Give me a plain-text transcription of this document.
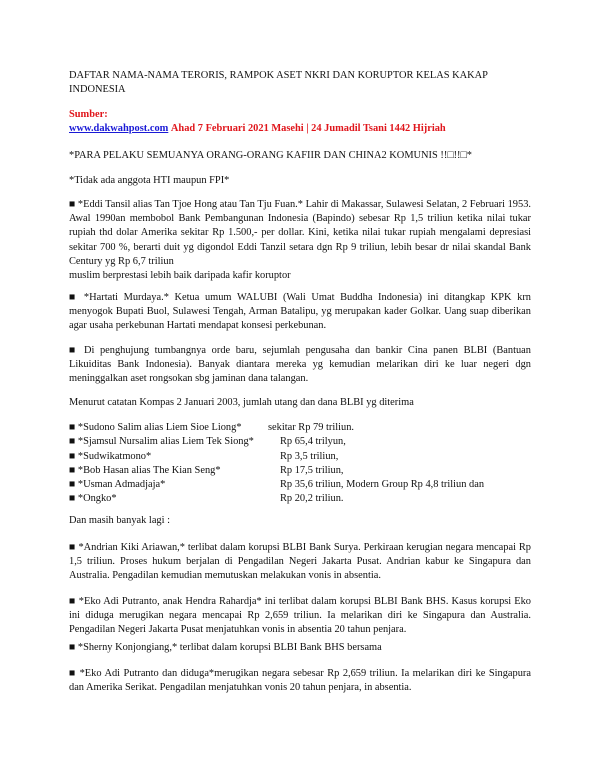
DAFTAR NAMA-NAMA TERORIS, RAMPOK ASET NKRI DAN KORUPTOR KELAS KAKAP INDONESIA

Sumber:

www.dakwahpost.com Ahad 7 Februari 2021 Masehi | 24 Jumadil Tsani 1442 Hijriah

*PARA PELAKU SEMUANYA ORANG-ORANG KAFIIR DAN CHINA2 KOMUNIS !!□!!□*

*Tidak ada anggota HTI maupun FPI*

■ *Eddi Tansil alias Tan Tjoe Hong atau Tan Tju Fuan.* Lahir di Makassar, Sulawesi Selatan, 2 Februari 1953. Awal 1990an membobol Bank Pembangunan Indonesia (Bapindo) sebesar Rp 1,5 triliun ketika nilai tukar rupiah thd dolar Amerika sekitar Rp 1.500,- per dollar. Kini, ketika nilai tukar rupiah mengalami depresiasi sekitar 700 %, berarti duit yg digondol Eddi Tanzil setara dgn Rp 9 triliun, lebih besar dr nilai skandal Bank Century yg Rp 6,7 triliun

muslim berprestasi lebih baik daripada kafir koruptor

■ *Hartati Murdaya.* Ketua umum WALUBI (Wali Umat Buddha Indonesia) ini ditangkap KPK krn menyogok Bupati Buol, Sulawesi Tengah, Arman Batalipu, yg merupakan kader Golkar. Uang suap diberikan agar usaha perkebunan Hartati mendapat konsesi perkebunan.

■ Di penghujung tumbangnya orde baru, sejumlah pengusaha dan bankir Cina panen BLBI (Bantuan Likuiditas Bank Indonesia). Banyak diantara mereka yg kemudian melarikan diri ke luar negeri dgn meninggalkan aset rongsokan sbg jaminan dana talangan.

Menurut catatan Kompas 2 Januari 2003, jumlah utang dan dana BLBI yg diterima

■ *Sudono Salim alias Liem Sioe Liong*	sekitar Rp 79 triliun.
■ *Sjamsul Nursalim alias Liem Tek Siong*	Rp 65,4 trilyun,
■ *Sudwikatmono*	Rp 3,5 triliun,
■ *Bob Hasan alias The Kian Seng*	Rp 17,5 triliun,
■ *Usman Admadjaja*	Rp 35,6 triliun, Modern Group Rp 4,8 triliun dan
■ *Ongko*	Rp 20,2 triliun.

Dan masih banyak lagi :

■ *Andrian Kiki Ariawan,* terlibat dalam korupsi BLBI Bank Surya. Perkiraan kerugian negara mencapai Rp 1,5 triliun. Proses hukum berjalan di Pengadilan Negeri Jakarta Pusat. Andrian kabur ke Singapura dan Australia. Pengadilan kemudian memutuskan melakukan vonis in absentia.

■ *Eko Adi Putranto, anak Hendra Rahardja* ini terlibat dalam korupsi BLBI Bank BHS. Kasus korupsi Eko ini diduga merugikan negara mencapai Rp 2,659 triliun. Ia melarikan diri ke Singapura dan Australia. Pengadilan Negeri Jakarta Pusat menjatuhkan vonis in absentia 20 tahun penjara.

■ *Sherny Konjongiang,* terlibat dalam korupsi BLBI Bank BHS bersama

■ *Eko Adi Putranto dan diduga*merugikan negara sebesar Rp 2,659 triliun. Ia melarikan diri ke Singapura dan Amerika Serikat. Pengadilan menjatuhkan vonis 20 tahun penjara, in absentia.
